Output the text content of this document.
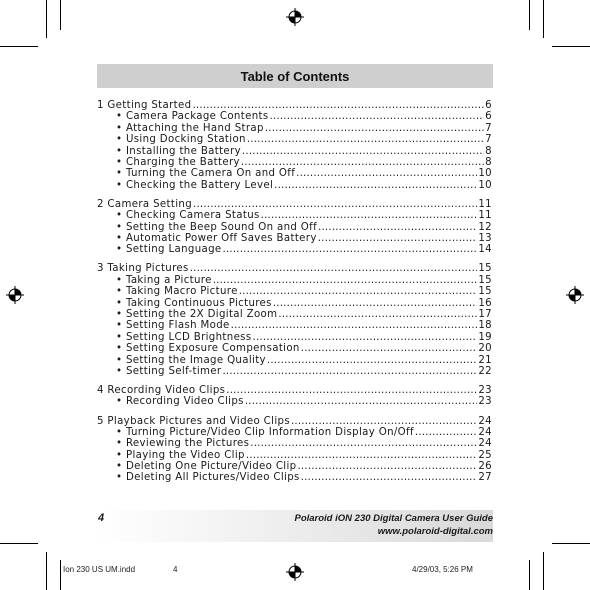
Table of Contents
1 Getting Started .....	6
• Camera Package Contents .....	6
• Attaching the Hand Strap .....	7
• Using Docking Station .....	7
• Installing the Battery .....	8
• Charging the Battery .....	8
• Turning the Camera On and Off .....	10
• Checking the Battery Level .....	10
2 Camera Setting .....	11
• Checking Camera Status .....	11
• Setting the Beep Sound On and Off .....	12
• Automatic Power Off Saves Battery .....	13
• Setting Language .....	14
3 Taking Pictures .....	15
• Taking a Picture .....	15
• Taking Macro Picture .....	15
• Taking Continuous Pictures .....	16
• Setting the 2X Digital Zoom .....	17
• Setting Flash Mode .....	18
• Setting LCD Brightness .....	19
• Setting Exposure Compensation .....	20
• Setting the Image Quality .....	21
• Setting Self-timer .....	22
4 Recording Video Clips .....	23
• Recording Video Clips .....	23
5 Playback Pictures and Video Clips .....	24
• Turning Picture/Video Clip Information Display On/Off .....	24
• Reviewing the Pictures .....	24
• Playing the Video Clip .....	25
• Deleting One Picture/Video Clip .....	26
• Deleting All Pictures/Video Clips .....	27
4	Polaroid iON 230 Digital Camera User Guide
www.polaroid-digital.com
Ion 230 US UM.indd	4	4/29/03, 5:26 PM
